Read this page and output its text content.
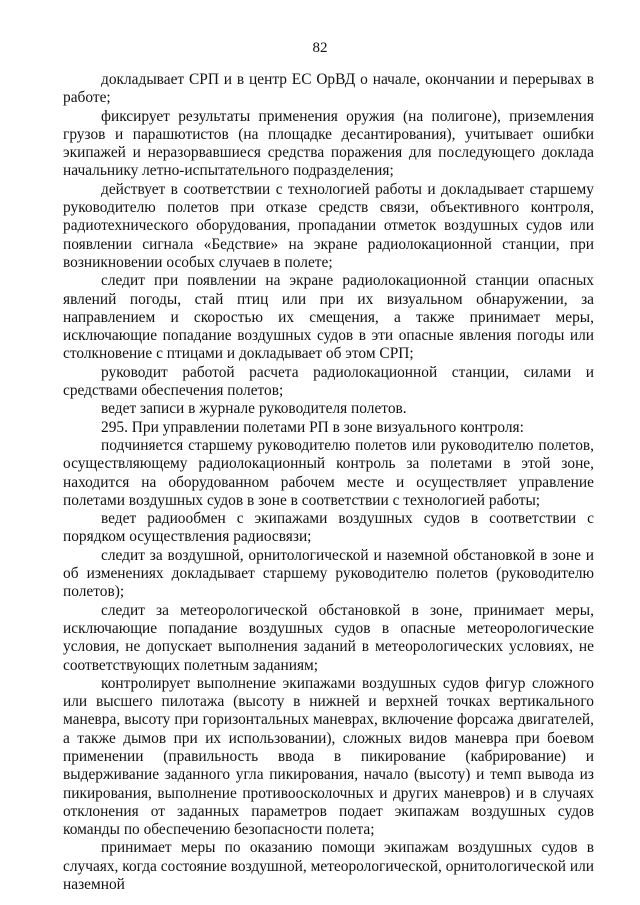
82

докладывает СРП и в центр ЕС ОрВД о начале, окончании и перерывах в работе;

фиксирует результаты применения оружия (на полигоне), приземления грузов и парашютистов (на площадке десантирования), учитывает ошибки экипажей и неразорвавшиеся средства поражения для последующего доклада начальнику летно-испытательного подразделения;

действует в соответствии с технологией работы и докладывает старшему руководителю полетов при отказе средств связи, объективного контроля, радиотехнического оборудования, пропадании отметок воздушных судов или появлении сигнала «Бедствие» на экране радиолокационной станции, при возникновении особых случаев в полете;

следит при появлении на экране радиолокационной станции опасных явлений погоды, стай птиц или при их визуальном обнаружении, за направлением и скоростью их смещения, а также принимает меры, исключающие попадание воздушных судов в эти опасные явления погоды или столкновение с птицами и докладывает об этом СРП;

руководит работой расчета радиолокационной станции, силами и средствами обеспечения полетов;

ведет записи в журнале руководителя полетов.

295. При управлении полетами РП в зоне визуального контроля:

подчиняется старшему руководителю полетов или руководителю полетов, осуществляющему радиолокационный контроль за полетами в этой зоне, находится на оборудованном рабочем месте и осуществляет управление полетами воздушных судов в зоне в соответствии с технологией работы;

ведет радиообмен с экипажами воздушных судов в соответствии с порядком осуществления радиосвязи;

следит за воздушной, орнитологической и наземной обстановкой в зоне и об изменениях докладывает старшему руководителю полетов (руководителю полетов);

следит за метеорологической обстановкой в зоне, принимает меры, исключающие попадание воздушных судов в опасные метеорологические условия, не допускает выполнения заданий в метеорологических условиях, не соответствующих полетным заданиям;

контролирует выполнение экипажами воздушных судов фигур сложного или высшего пилотажа (высоту в нижней и верхней точках вертикального маневра, высоту при горизонтальных маневрах, включение форсажа двигателей, а также дымов при их использовании), сложных видов маневра при боевом применении (правильность ввода в пикирование (кабрирование) и выдерживание заданного угла пикирования, начало (высоту) и темп вывода из пикирования, выполнение противоосколочных и других маневров) и в случаях отклонения от заданных параметров подает экипажам воздушных судов команды по обеспечению безопасности полета;

принимает меры по оказанию помощи экипажам воздушных судов в случаях, когда состояние воздушной, метеорологической, орнитологической или наземной
